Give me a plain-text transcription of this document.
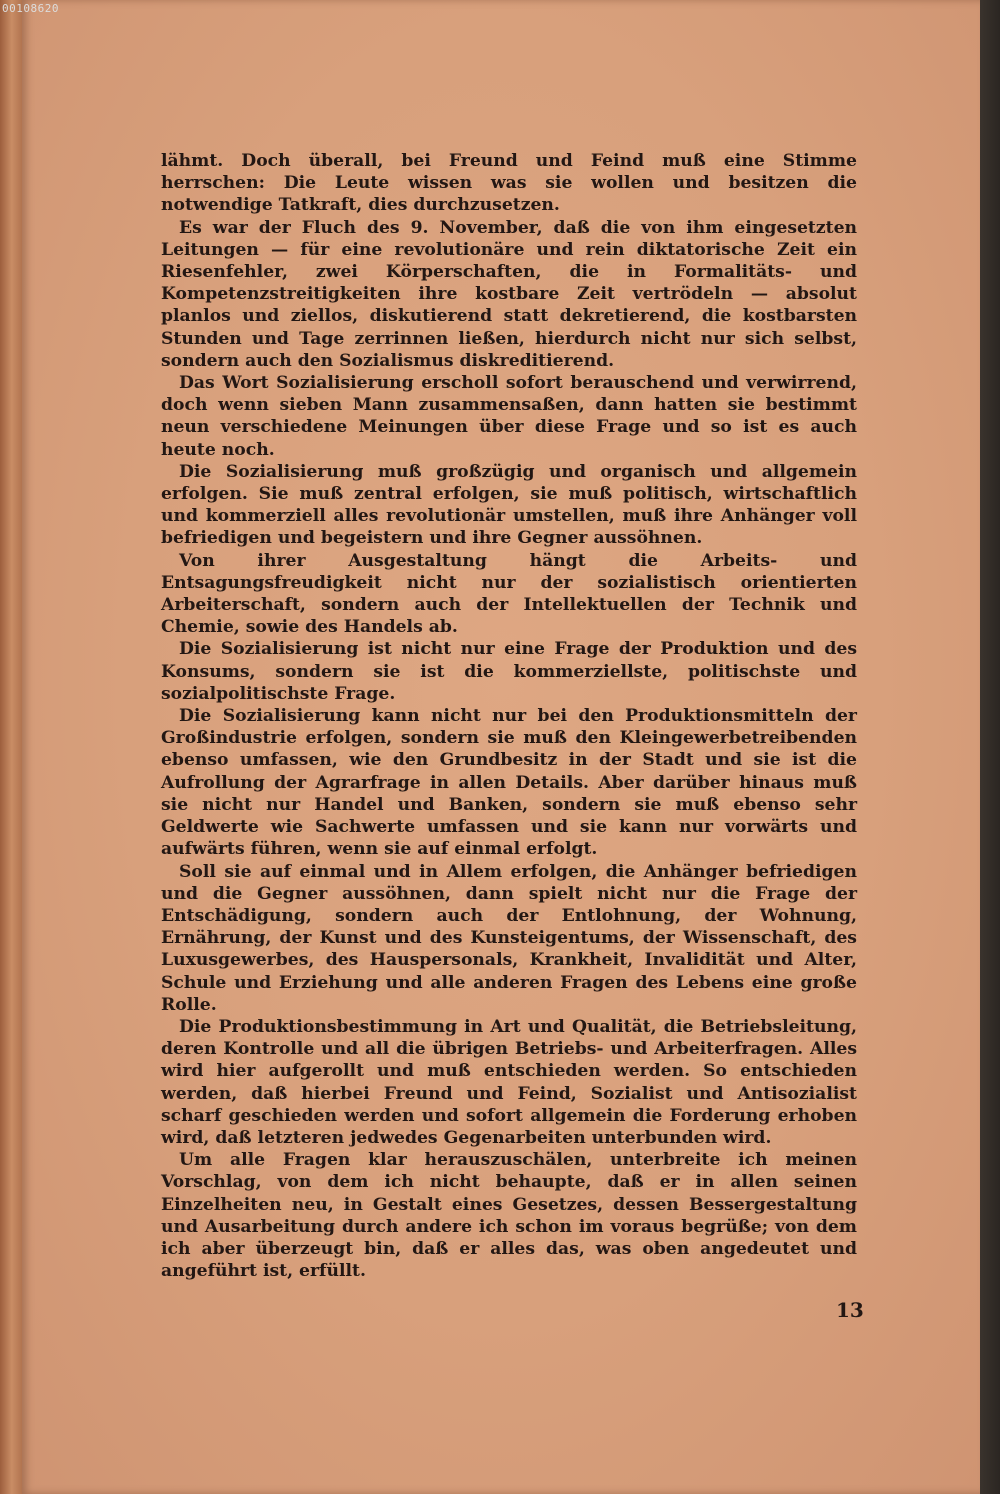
00108620

lähmt. Doch überall, bei Freund und Feind muß eine Stimme herrschen: Die Leute wissen was sie wollen und besitzen die notwendige Tatkraft, dies durchzusetzen.

Es war der Fluch des 9. November, daß die von ihm eingesetzten Leitungen — für eine revolutionäre und rein diktatorische Zeit ein Riesenfehler, zwei Körperschaften, die in Formalitäts- und Kompetenzstreitigkeiten ihre kostbare Zeit vertrödeln — absolut planlos und ziellos, diskutierend statt dekretierend, die kostbarsten Stunden und Tage zerrinnen ließen, hierdurch nicht nur sich selbst, sondern auch den Sozialismus diskreditierend.

Das Wort Sozialisierung erscholl sofort berauschend und verwirrend, doch wenn sieben Mann zusammensaßen, dann hatten sie bestimmt neun verschiedene Meinungen über diese Frage und so ist es auch heute noch.

Die Sozialisierung muß großzügig und organisch und allgemein erfolgen. Sie muß zentral erfolgen, sie muß politisch, wirtschaftlich und kommerziell alles revolutionär umstellen, muß ihre Anhänger voll befriedigen und begeistern und ihre Gegner aussöhnen.

Von ihrer Ausgestaltung hängt die Arbeits- und Entsagungsfreudigkeit nicht nur der sozialistisch orientierten Arbeiterschaft, sondern auch der Intellektuellen der Technik und Chemie, sowie des Handels ab.

Die Sozialisierung ist nicht nur eine Frage der Produktion und des Konsums, sondern sie ist die kommerziellste, politischste und sozialpolitischste Frage.

Die Sozialisierung kann nicht nur bei den Produktionsmitteln der Großindustrie erfolgen, sondern sie muß den Kleingewerbetreibenden ebenso umfassen, wie den Grundbesitz in der Stadt und sie ist die Aufrollung der Agrarfrage in allen Details. Aber darüber hinaus muß sie nicht nur Handel und Banken, sondern sie muß ebenso sehr Geldwerte wie Sachwerte umfassen und sie kann nur vorwärts und aufwärts führen, wenn sie auf einmal erfolgt.

Soll sie auf einmal und in Allem erfolgen, die Anhänger befriedigen und die Gegner aussöhnen, dann spielt nicht nur die Frage der Entschädigung, sondern auch der Entlohnung, der Wohnung, Ernährung, der Kunst und des Kunsteigentums, der Wissenschaft, des Luxusgewerbes, des Hauspersonals, Krankheit, Invalidität und Alter, Schule und Erziehung und alle anderen Fragen des Lebens eine große Rolle.

Die Produktionsbestimmung in Art und Qualität, die Betriebsleitung, deren Kontrolle und all die übrigen Betriebs- und Arbeiterfragen. Alles wird hier aufgerollt und muß entschieden werden. So entschieden werden, daß hierbei Freund und Feind, Sozialist und Antisozialist scharf geschieden werden und sofort allgemein die Forderung erhoben wird, daß letzteren jedwedes Gegenarbeiten unterbunden wird.

Um alle Fragen klar herauszuschälen, unterbreite ich meinen Vorschlag, von dem ich nicht behaupte, daß er in allen seinen Einzelheiten neu, in Gestalt eines Gesetzes, dessen Bessergestaltung und Ausarbeitung durch andere ich schon im voraus begrüße; von dem ich aber überzeugt bin, daß er alles das, was oben angedeutet und angeführt ist, erfüllt.

13
